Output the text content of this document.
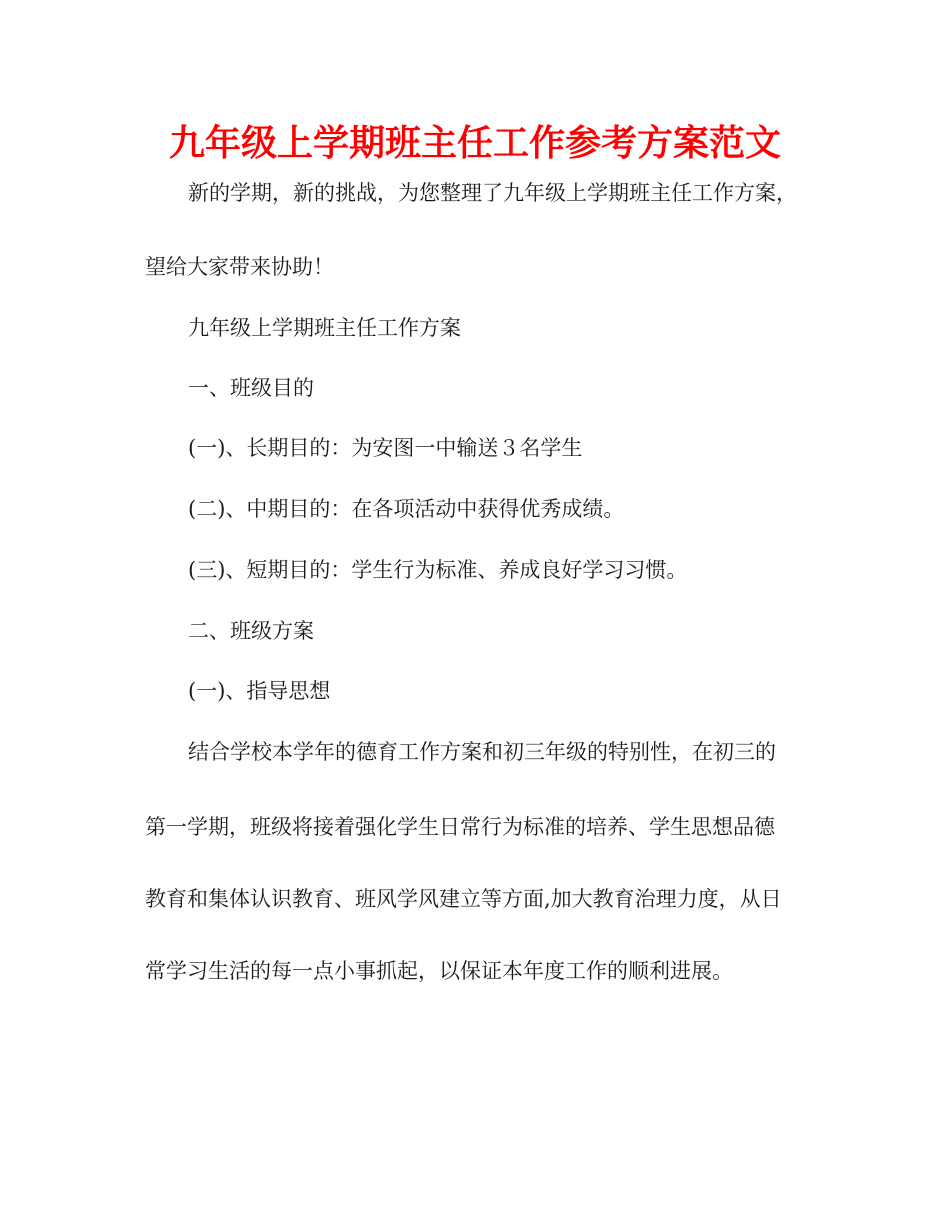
九年级上学期班主任工作参考方案范文

新的学期，新的挑战，为您整理了九年级上学期班主任工作方案，

望给大家带来协助！

九年级上学期班主任工作方案

一、班级目的

(一)、长期目的：为安图一中输送３名学生

(二)、中期目的：在各项活动中获得优秀成绩。

(三)、短期目的：学生行为标准、养成良好学习习惯。

二、班级方案

(一)、指导思想

结合学校本学年的德育工作方案和初三年级的特别性，在初三的

第一学期，班级将接着强化学生日常行为标准的培养、学生思想品德

教育和集体认识教育、班风学风建立等方面,加大教育治理力度，从日

常学习生活的每一点小事抓起，以保证本年度工作的顺利进展。
